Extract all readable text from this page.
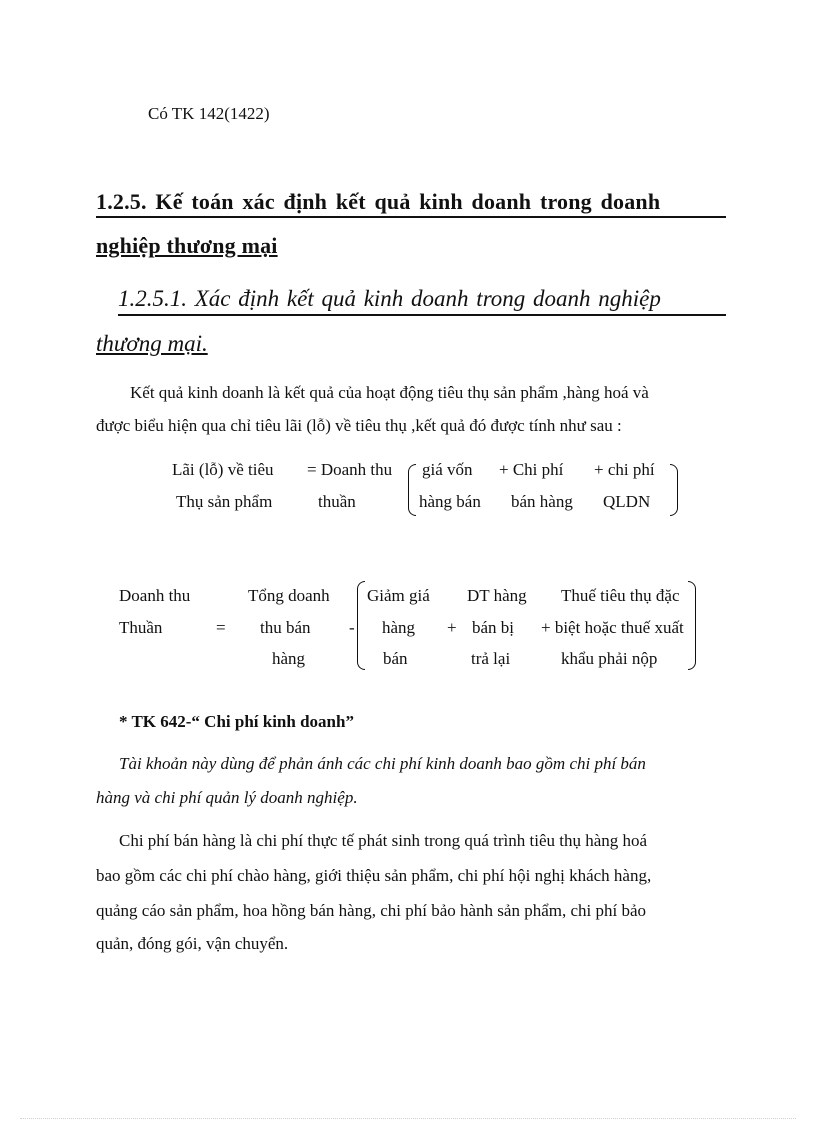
Có TK 142(1422)
1.2.5. Kế toán xác định kết quả kinh doanh trong doanh
nghiệp thương mại
1.2.5.1. Xác định kết quả kinh doanh trong doanh nghiệp
thương mại.
Kết quả kinh doanh là kết quả của hoạt động tiêu thụ sản phẩm ,hàng hoá và
được biểu hiện qua chỉ tiêu lãi (lỗ) về tiêu thụ ,kết quả đó được tính như sau :
Lãi (lỗ) về tiêu
Thụ sản phẩm
= Doanh thu
thuần
giá vốn
hàng bán
+ Chi phí
bán hàng
+ chi phí
QLDN
Doanh thu
Thuần	=
Tổng doanh
thu bán
hàng
-
Giảm giá
hàng
bán
+
DT hàng
bán bị
trả lại
Thuế tiêu thụ đặc
+ biệt hoặc thuế xuất
khẩu phải nộp
* TK 642-“ Chi phí kinh doanh”
Tài khoản này dùng để phản ánh các chi phí kinh doanh bao gồm chi phí bán
hàng và chi phí quản lý doanh nghiệp.
Chi phí bán hàng là chi phí thực tế phát sinh trong quá trình tiêu thụ hàng hoá
bao gồm các chi phí chào hàng, giới thiệu sản phẩm, chi phí hội nghị khách hàng,
quảng cáo sản phẩm, hoa hồng bán hàng, chi phí bảo hành sản phẩm, chi phí bảo
quản, đóng gói, vận chuyển.
